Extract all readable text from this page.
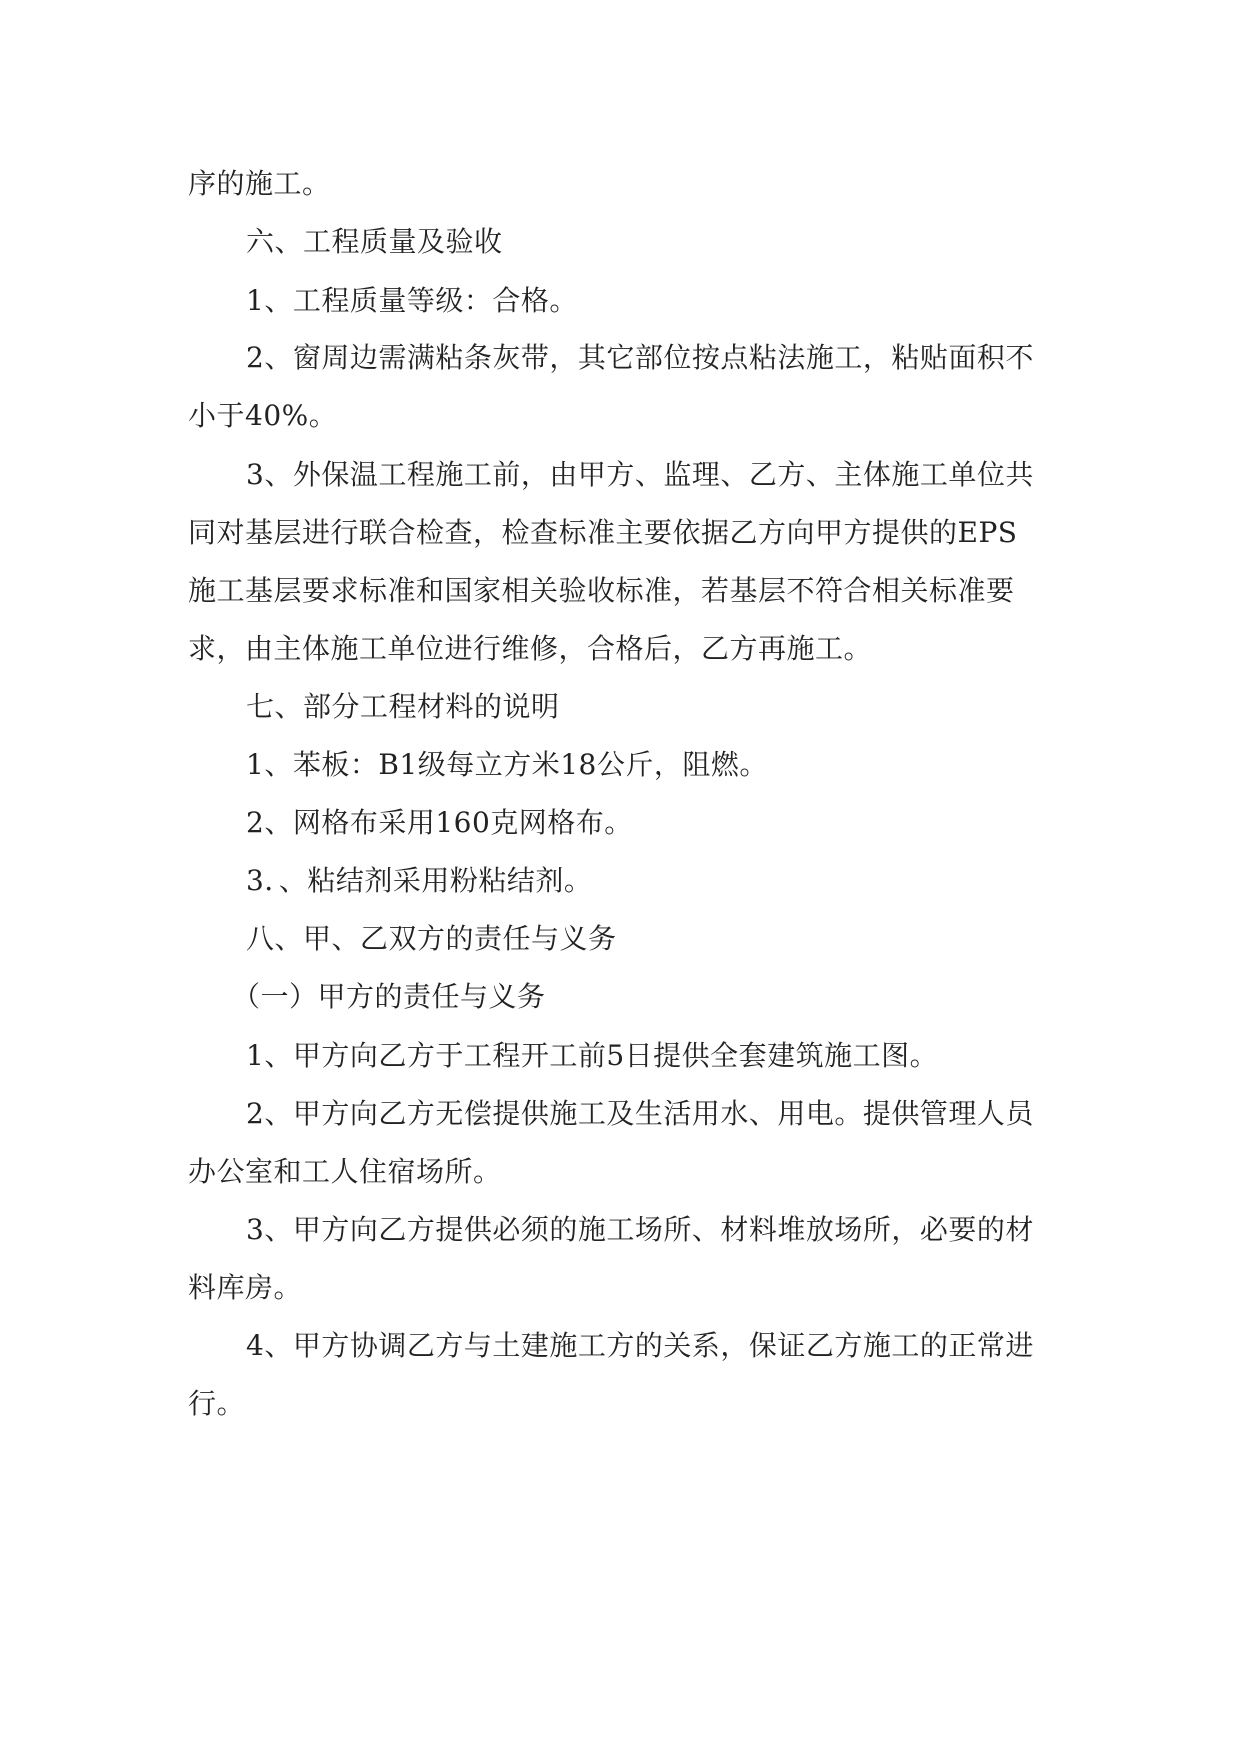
序的施工。
六、工程质量及验收
1、工程质量等级：合格。
2、窗周边需满粘条灰带，其它部位按点粘法施工，粘贴面积不
小于40%。
3、外保温工程施工前，由甲方、监理、乙方、主体施工单位共
同对基层进行联合检查，检查标准主要依据乙方向甲方提供的EPS
施工基层要求标准和国家相关验收标准，若基层不符合相关标准要
求，由主体施工单位进行维修，合格后，乙方再施工。
七、部分工程材料的说明
1、苯板：B1级每立方米18公斤，阻燃。
2、网格布采用160克网格布。
3．、粘结剂采用粉粘结剂。
八、甲、乙双方的责任与义务
（一）甲方的责任与义务
1、甲方向乙方于工程开工前5日提供全套建筑施工图。
2、甲方向乙方无偿提供施工及生活用水、用电。提供管理人员
办公室和工人住宿场所。
3、甲方向乙方提供必须的施工场所、材料堆放场所，必要的材
料库房。
4、甲方协调乙方与土建施工方的关系，保证乙方施工的正常进
行。
